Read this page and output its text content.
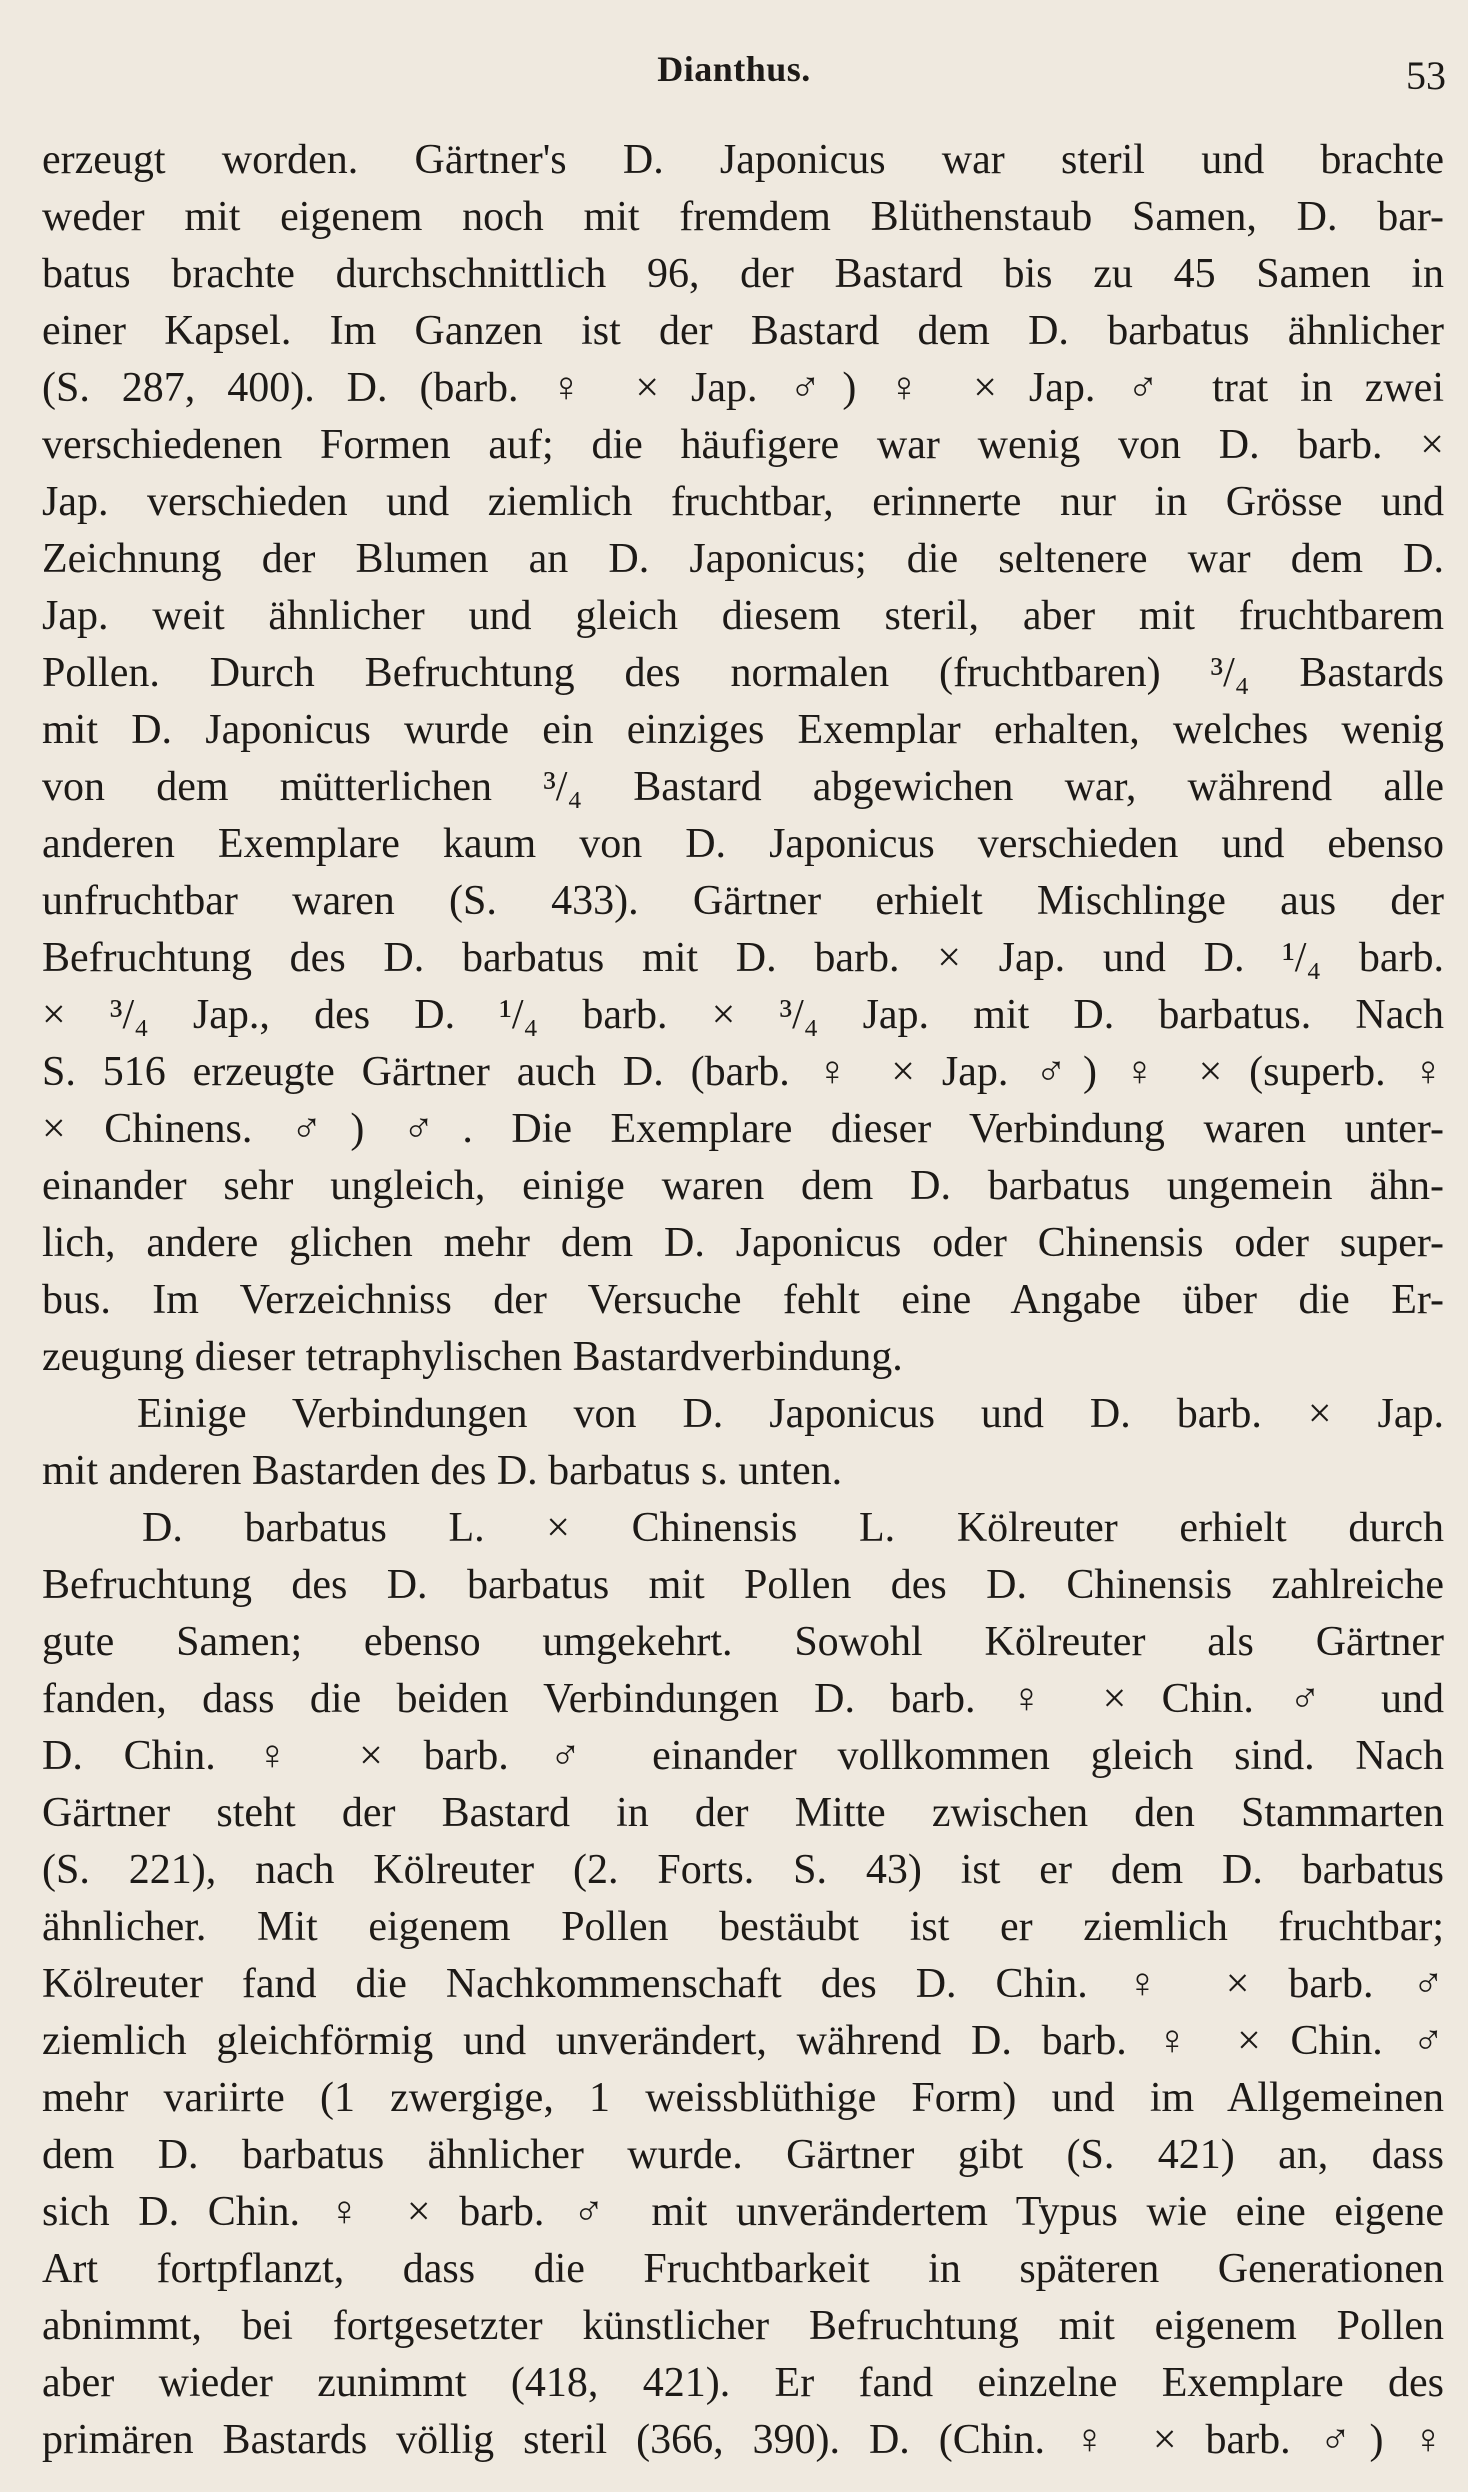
Dianthus.	53
erzeugt worden. Gärtner's D. Japonicus war steril und brachte
weder mit eigenem noch mit fremdem Blüthenstaub Samen, D. bar-
batus brachte durchschnittlich 96, der Bastard bis zu 45 Samen in
einer Kapsel. Im Ganzen ist der Bastard dem D. barbatus ähnlicher
(S. 287, 400). D. (barb. ♀ × Jap. ♂) ♀ × Jap. ♂ trat in zwei
verschiedenen Formen auf; die häufigere war wenig von D. barb. ×
Jap. verschieden und ziemlich fruchtbar, erinnerte nur in Grösse und
Zeichnung der Blumen an D. Japonicus; die seltenere war dem D.
Jap. weit ähnlicher und gleich diesem steril, aber mit fruchtbarem
Pollen. Durch Befruchtung des normalen (fruchtbaren) ³/₄ Bastards
mit D. Japonicus wurde ein einziges Exemplar erhalten, welches wenig
von dem mütterlichen ³/₄ Bastard abgewichen war, während alle
anderen Exemplare kaum von D. Japonicus verschieden und ebenso
unfruchtbar waren (S. 433). Gärtner erhielt Mischlinge aus der
Befruchtung des D. barbatus mit D. barb. × Jap. und D. ¹/₄ barb.
× ³/₄ Jap., des D. ¹/₄ barb. × ³/₄ Jap. mit D. barbatus. Nach
S. 516 erzeugte Gärtner auch D. (barb. ♀ × Jap. ♂) ♀ × (superb. ♀
× Chinens. ♂) ♂. Die Exemplare dieser Verbindung waren unter-
einander sehr ungleich, einige waren dem D. barbatus ungemein ähn-
lich, andere glichen mehr dem D. Japonicus oder Chinensis oder super-
bus. Im Verzeichniss der Versuche fehlt eine Angabe über die Er-
zeugung dieser tetraphylischen Bastardverbindung.
Einige Verbindungen von D. Japonicus und D. barb. × Jap.
mit anderen Bastarden des D. barbatus s. unten.
D. barbatus L. × Chinensis L. Kölreuter erhielt durch
Befruchtung des D. barbatus mit Pollen des D. Chinensis zahlreiche
gute Samen; ebenso umgekehrt. Sowohl Kölreuter als Gärtner
fanden, dass die beiden Verbindungen D. barb. ♀ × Chin. ♂ und
D. Chin. ♀ × barb. ♂ einander vollkommen gleich sind. Nach
Gärtner steht der Bastard in der Mitte zwischen den Stammarten
(S. 221), nach Kölreuter (2. Forts. S. 43) ist er dem D. barbatus
ähnlicher. Mit eigenem Pollen bestäubt ist er ziemlich fruchtbar;
Kölreuter fand die Nachkommenschaft des D. Chin. ♀ × barb. ♂
ziemlich gleichförmig und unverändert, während D. barb. ♀ × Chin. ♂
mehr variirte (1 zwergige, 1 weissblüthige Form) und im Allgemeinen
dem D. barbatus ähnlicher wurde. Gärtner gibt (S. 421) an, dass
sich D. Chin. ♀ × barb. ♂ mit unverändertem Typus wie eine eigene
Art fortpflanzt, dass die Fruchtbarkeit in späteren Generationen
abnimmt, bei fortgesetzter künstlicher Befruchtung mit eigenem Pollen
aber wieder zunimmt (418, 421). Er fand einzelne Exemplare des
primären Bastards völlig steril (366, 390). D. (Chin. ♀ × barb. ♂) ♀
